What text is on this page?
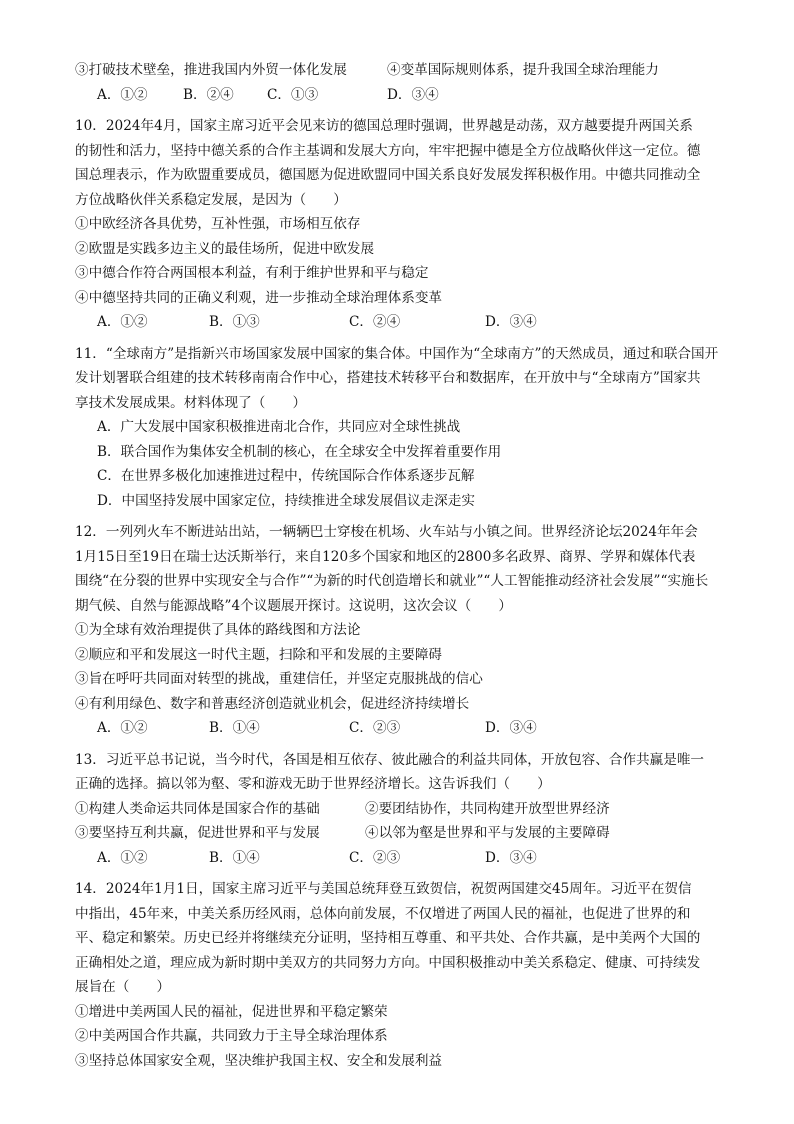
③打破技术壁垒，推进我国内外贸一体化发展	④变革国际规则体系，提升我国全球治理能力
A．①②	B．②④	C．①③	D．③④
10．2024年4月，国家主席习近平会见来访的德国总理时强调，世界越是动荡，双方越要提升两国关系
的韧性和活力，坚持中德关系的合作主基调和发展大方向，牢牢把握中德是全方位战略伙伴这一定位。德
国总理表示，作为欧盟重要成员，德国愿为促进欧盟同中国关系良好发展发挥积极作用。中德共同推动全
方位战略伙伴关系稳定发展，是因为（　　）
①中欧经济各具优势，互补性强，市场相互依存
②欧盟是实践多边主义的最佳场所，促进中欧发展
③中德合作符合两国根本利益，有利于维护世界和平与稳定
④中德坚持共同的正确义利观，进一步推动全球治理体系变革
A．①②	B．①③	C．②④	D．③④
11．“全球南方”是指新兴市场国家发展中国家的集合体。中国作为“全球南方”的天然成员，通过和联合国开
发计划署联合组建的技术转移南南合作中心，搭建技术转移平台和数据库，在开放中与“全球南方”国家共
享技术发展成果。材料体现了（　　）
A．广大发展中国家积极推进南北合作，共同应对全球性挑战
B．联合国作为集体安全机制的核心，在全球安全中发挥着重要作用
C．在世界多极化加速推进过程中，传统国际合作体系逐步瓦解
D．中国坚持发展中国家定位，持续推进全球发展倡议走深走实
12．一列列火车不断进站出站，一辆辆巴士穿梭在机场、火车站与小镇之间。世界经济论坛2024年年会
1月15日至19日在瑞士达沃斯举行，来自120多个国家和地区的2800多名政界、商界、学界和媒体代表
围绕“在分裂的世界中实现安全与合作”“为新的时代创造增长和就业”“人工智能推动经济社会发展”“实施长
期气候、自然与能源战略”4个议题展开探讨。这说明，这次会议（　　）
①为全球有效治理提供了具体的路线图和方法论
②顺应和平和发展这一时代主题，扫除和平和发展的主要障碍
③旨在呼吁共同面对转型的挑战，重建信任，并坚定克服挑战的信心
④有利用绿色、数字和普惠经济创造就业机会，促进经济持续增长
A．①②	B．①④	C．②③	D．③④
13．习近平总书记说，当今时代，各国是相互依存、彼此融合的利益共同体，开放包容、合作共赢是唯一
正确的选择。搞以邻为壑、零和游戏无助于世界经济增长。这告诉我们（　　）
①构建人类命运共同体是国家合作的基础	②要团结协作，共同构建开放型世界经济
③要坚持互利共赢，促进世界和平与发展	④以邻为壑是世界和平与发展的主要障碍
A．①②	B．①④	C．②③	D．③④
14．2024年1月1日，国家主席习近平与美国总统拜登互致贺信，祝贺两国建交45周年。习近平在贺信
中指出，45年来，中美关系历经风雨，总体向前发展，不仅增进了两国人民的福祉，也促进了世界的和
平、稳定和繁荣。历史已经并将继续充分证明，坚持相互尊重、和平共处、合作共赢，是中美两个大国的
正确相处之道，理应成为新时期中美双方的共同努力方向。中国积极推动中美关系稳定、健康、可持续发
展旨在（　　）
①增进中美两国人民的福祉，促进世界和平稳定繁荣
②中美两国合作共赢，共同致力于主导全球治理体系
③坚持总体国家安全观，坚决维护我国主权、安全和发展利益
